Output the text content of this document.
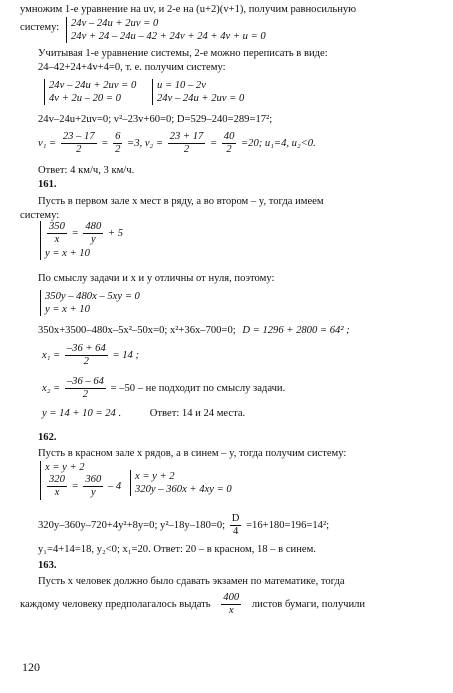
умножим 1-е уравнение на uv, и 2-е на (u+2)(v+1), получим равносильную
систему:	24v – 24u + 2uv = 0
24v + 24 – 24u – 42 + 24v + 24 + 4v + u = 0
Учитывая 1-е уравнение системы, 2-е можно переписать в виде:
24–42+24+4v+4=0, т. е. получим систему:
24v – 24u + 2uv = 0
4v + 2u – 20 = 0
u = 10 – 2v
24v – 24u + 2uv = 0
24v–24u+2uv=0; v²–23v+60=0; D=529–240=289=17²;
$v_1 = \frac{23 - 17}{2} = \frac{6}{2} =3$, $v_2 = \frac{23 + 17}{2} = \frac{40}{2} =20$; u₁=4, u₂<0.
Ответ: 4 км/ч, 3 км/ч.
161.
Пусть в первом зале x мест в ряду, а во втором – y, тогда имеем
систему:
$\frac{350}{x} = \frac{480}{y} + 5$
y = x + 10
По смыслу задачи и x и y отличны от нуля, поэтому:
350y – 480x – 5xy = 0
y = x + 10
350x+3500–480x–5x²–50x=0; x²+36x–700=0; D = 1296 + 2800 = 64² ;
$x_1 = \frac{-36 + 64}{2} = 14$ ;
$x_2 = \frac{-36 - 64}{2} = -50$ – не подходит по смыслу задачи.
y = 14 + 10 = 24 .	Ответ: 14 и 24 места.
162.
Пусть в красном зале x рядов, а в синем – y, тогда получим систему:
x = y + 2
$\frac{320}{x} = \frac{360}{y} - 4$
x = y + 2
320y – 360x + 4xy = 0
320y–360y–720+4y²+8y=0; y²–18y–180=0; $\frac{D}{4} =16+180=196=14^2$;
y₁=4+14=18, y₂<0; x₁=20. Ответ: 20 – в красном, 18 – в синем.
163.
Пусть x человек должно было сдавать экзамен по математике, тогда
каждому человеку предполагалось выдать $\frac{400}{x}$ листов бумаги, получили
120
